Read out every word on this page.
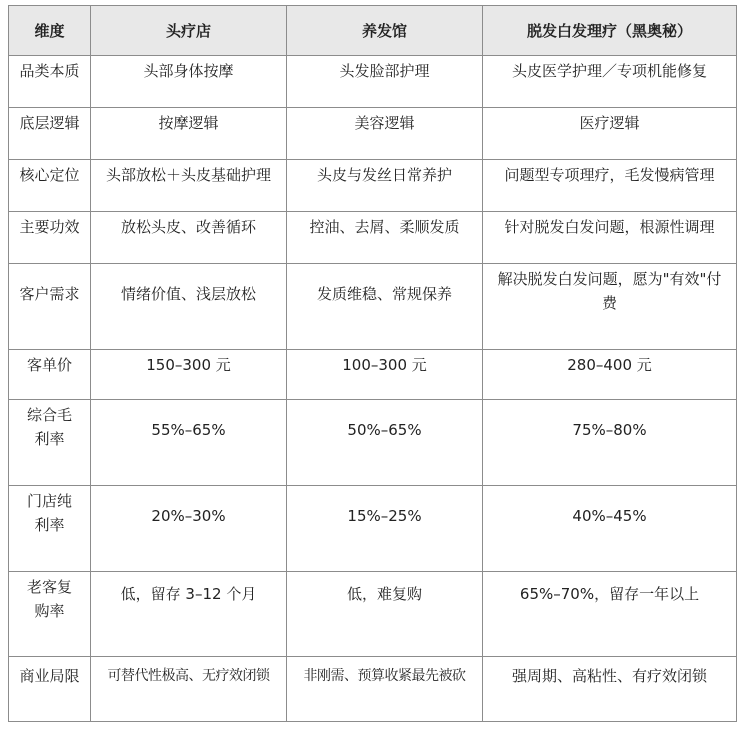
维度	头疗店	养发馆	脱发白发理疗（黑奥秘）
品类本质	头部身体按摩	头发脸部护理	头皮医学护理／专项机能修复
底层逻辑	按摩逻辑	美容逻辑	医疗逻辑
核心定位	头部放松＋头皮基础护理	头皮与发丝日常养护	问题型专项理疗，毛发慢病管理
主要功效	放松头皮、改善循环	控油、去屑、柔顺发质	针对脱发白发问题，根源性调理
客户需求	情绪价值、浅层放松	发质维稳、常规保养	解决脱发白发问题，愿为"有效"付费
客单价	150–300 元	100–300 元	280–400 元
综合毛利率	55%–65%	50%–65%	75%–80%
门店纯利率	20%–30%	15%–25%	40%–45%
老客复购率	低，留存 3–12 个月	低，难复购	65%–70%，留存一年以上
商业局限	可替代性极高、无疗效闭锁	非刚需、预算收紧最先被砍	强周期、高粘性、有疗效闭锁
